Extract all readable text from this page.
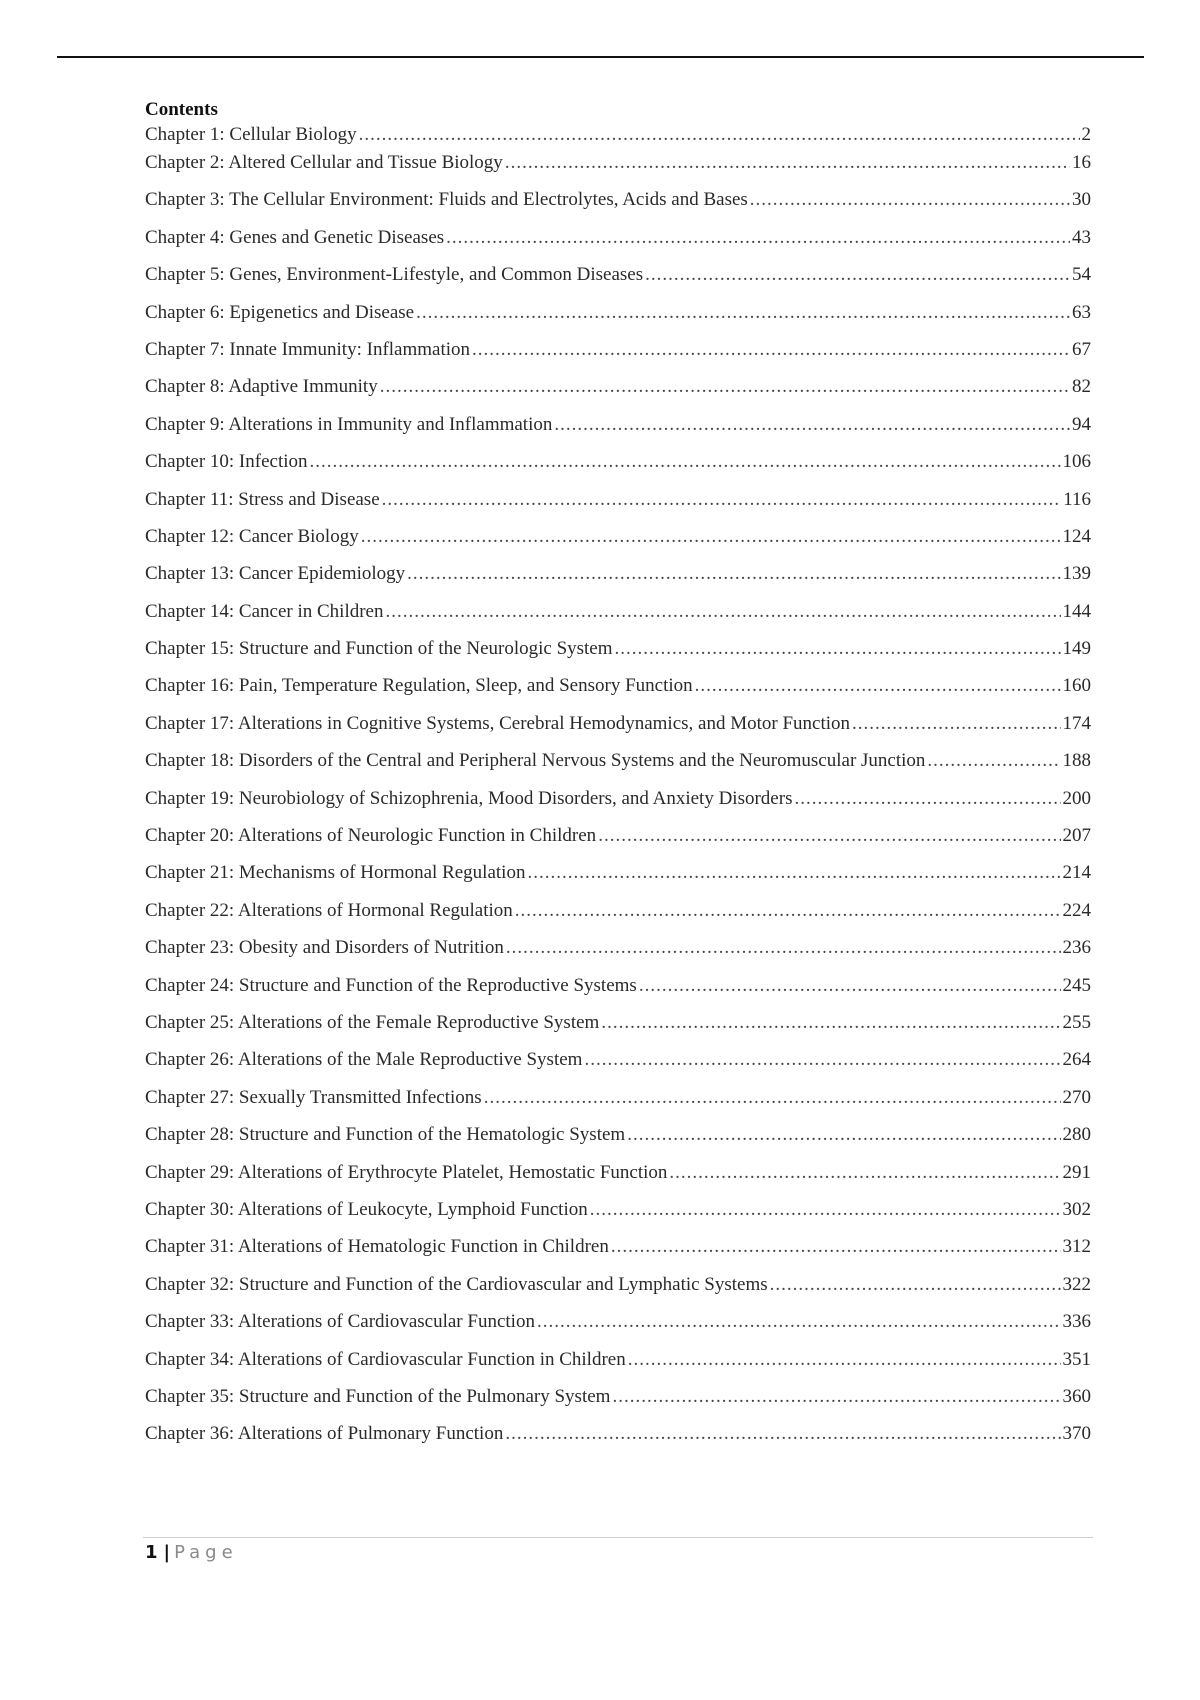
Contents
Chapter 1: Cellular Biology .....	2
Chapter 2: Altered Cellular and Tissue Biology .....	16
Chapter 3: The Cellular Environment: Fluids and Electrolytes, Acids and Bases .....	30
Chapter 4: Genes and Genetic Diseases .....	43
Chapter 5: Genes, Environment-Lifestyle, and Common Diseases .....	54
Chapter 6: Epigenetics and Disease .....	63
Chapter 7: Innate Immunity: Inflammation .....	67
Chapter 8: Adaptive Immunity .....	82
Chapter 9: Alterations in Immunity and Inflammation .....	94
Chapter 10: Infection .....	106
Chapter 11: Stress and Disease .....	116
Chapter 12: Cancer Biology .....	124
Chapter 13: Cancer Epidemiology .....	139
Chapter 14: Cancer in Children .....	144
Chapter 15: Structure and Function of the Neurologic System .....	149
Chapter 16: Pain, Temperature Regulation, Sleep, and Sensory Function .....	160
Chapter 17: Alterations in Cognitive Systems, Cerebral Hemodynamics, and Motor Function .....	174
Chapter 18: Disorders of the Central and Peripheral Nervous Systems and the Neuromuscular Junction .....	188
Chapter 19: Neurobiology of Schizophrenia, Mood Disorders, and Anxiety Disorders .....	200
Chapter 20: Alterations of Neurologic Function in Children .....	207
Chapter 21: Mechanisms of Hormonal Regulation .....	214
Chapter 22: Alterations of Hormonal Regulation .....	224
Chapter 23: Obesity and Disorders of Nutrition .....	236
Chapter 24: Structure and Function of the Reproductive Systems .....	245
Chapter 25: Alterations of the Female Reproductive System .....	255
Chapter 26: Alterations of the Male Reproductive System .....	264
Chapter 27: Sexually Transmitted Infections .....	270
Chapter 28: Structure and Function of the Hematologic System .....	280
Chapter 29: Alterations of Erythrocyte Platelet, Hemostatic Function .....	291
Chapter 30: Alterations of Leukocyte, Lymphoid Function .....	302
Chapter 31: Alterations of Hematologic Function in Children .....	312
Chapter 32: Structure and Function of the Cardiovascular and Lymphatic Systems .....	322
Chapter 33: Alterations of Cardiovascular Function .....	336
Chapter 34: Alterations of Cardiovascular Function in Children .....	351
Chapter 35: Structure and Function of the Pulmonary System .....	360
Chapter 36: Alterations of Pulmonary Function .....	370
1 | Page
